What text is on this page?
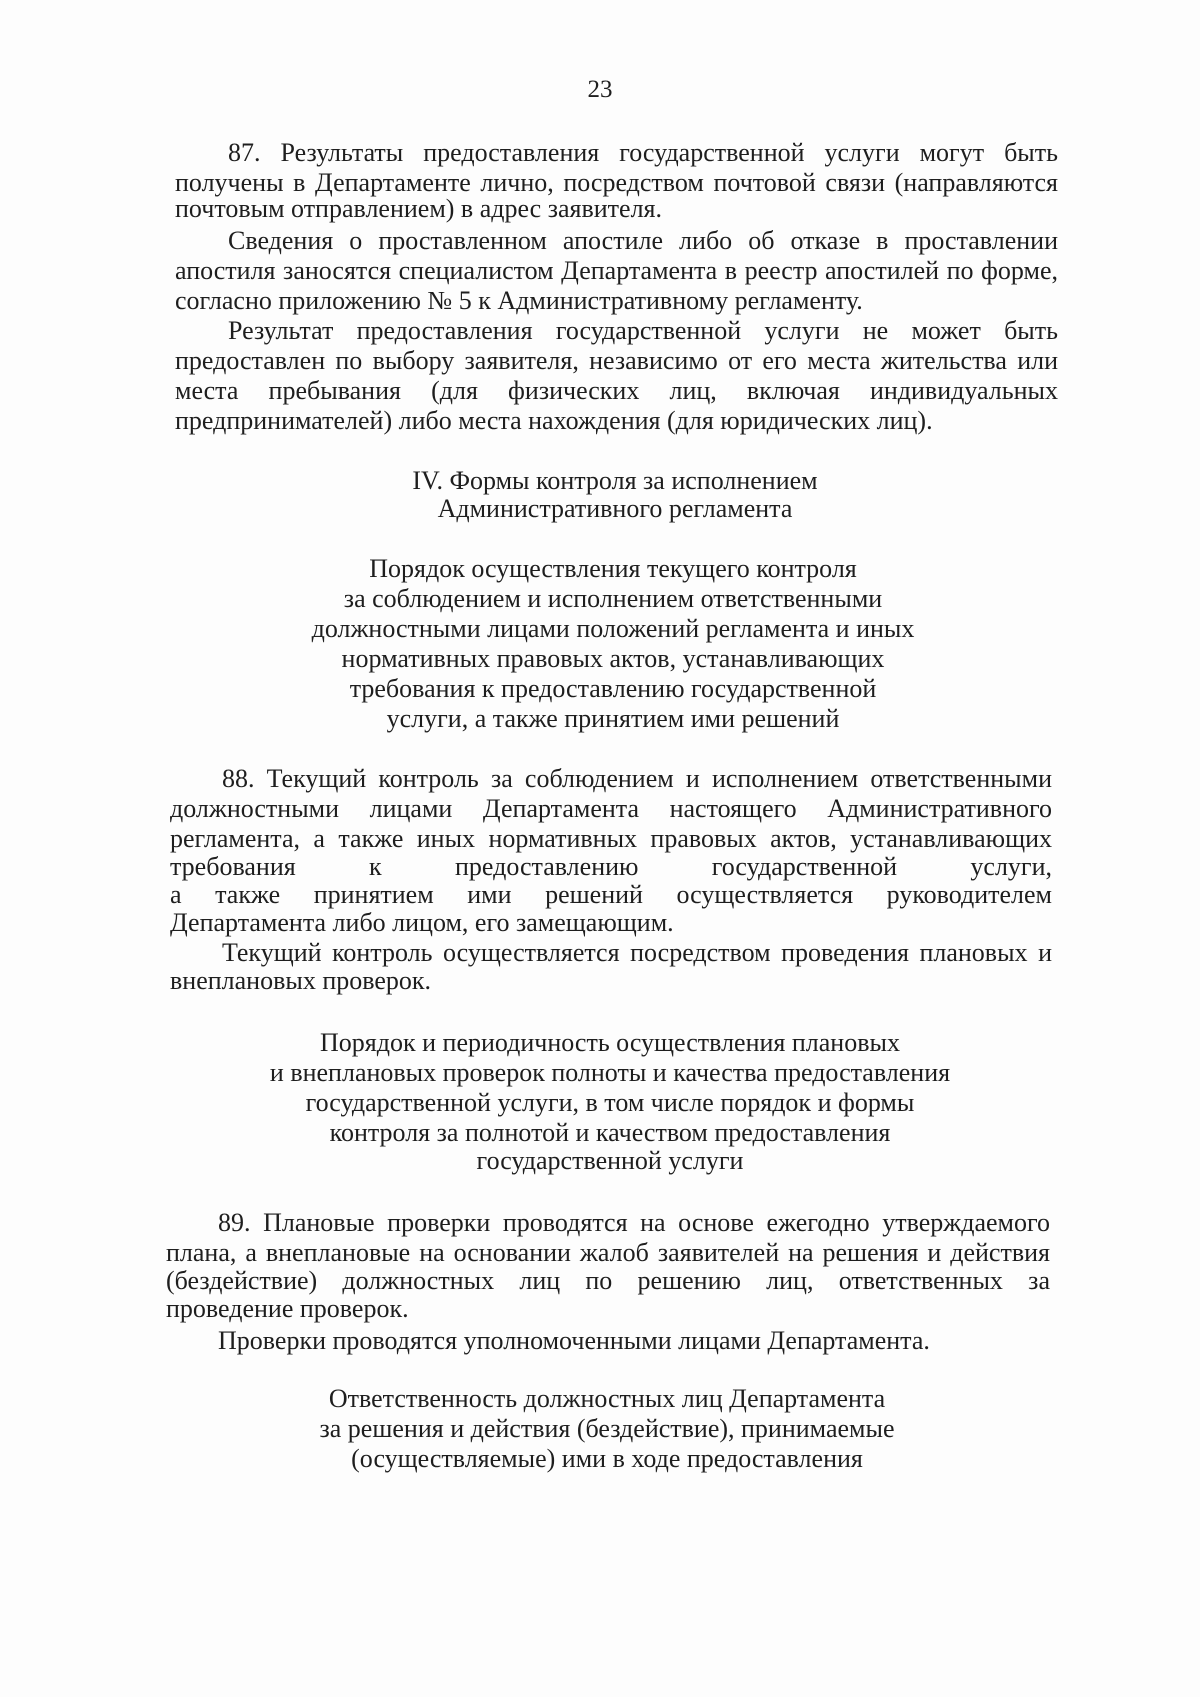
23
87. Результаты предоставления государственной услуги могут быть
получены в Департаменте лично, посредством почтовой связи (направляются
почтовым отправлением) в адрес заявителя.
Сведения о проставленном апостиле либо об отказе в проставлении
апостиля заносятся специалистом Департамента в реестр апостилей по форме,
согласно приложению № 5 к Административному регламенту.
Результат предоставления государственной услуги не может быть
предоставлен по выбору заявителя, независимо от его места жительства или
места пребывания (для физических лиц, включая индивидуальных
предпринимателей) либо места нахождения (для юридических лиц).
IV. Формы контроля за исполнением
Административного регламента
Порядок осуществления текущего контроля
за соблюдением и исполнением ответственными
должностными лицами положений регламента и иных
нормативных правовых актов, устанавливающих
требования к предоставлению государственной
услуги, а также принятием ими решений
88. Текущий контроль за соблюдением и исполнением ответственными
должностными лицами Департамента настоящего Административного
регламента, а также иных нормативных правовых актов, устанавливающих
требования к предоставлению государственной услуги,
а также принятием ими решений осуществляется руководителем
Департамента либо лицом, его замещающим.
Текущий контроль осуществляется посредством проведения плановых и
внеплановых проверок.
Порядок и периодичность осуществления плановых
и внеплановых проверок полноты и качества предоставления
государственной услуги, в том числе порядок и формы
контроля за полнотой и качеством предоставления
государственной услуги
89. Плановые проверки проводятся на основе ежегодно утверждаемого
плана, а внеплановые на основании жалоб заявителей на решения и действия
(бездействие) должностных лиц по решению лиц, ответственных за
проведение проверок.
Проверки проводятся уполномоченными лицами Департамента.
Ответственность должностных лиц Департамента
за решения и действия (бездействие), принимаемые
(осуществляемые) ими в ходе предоставления
